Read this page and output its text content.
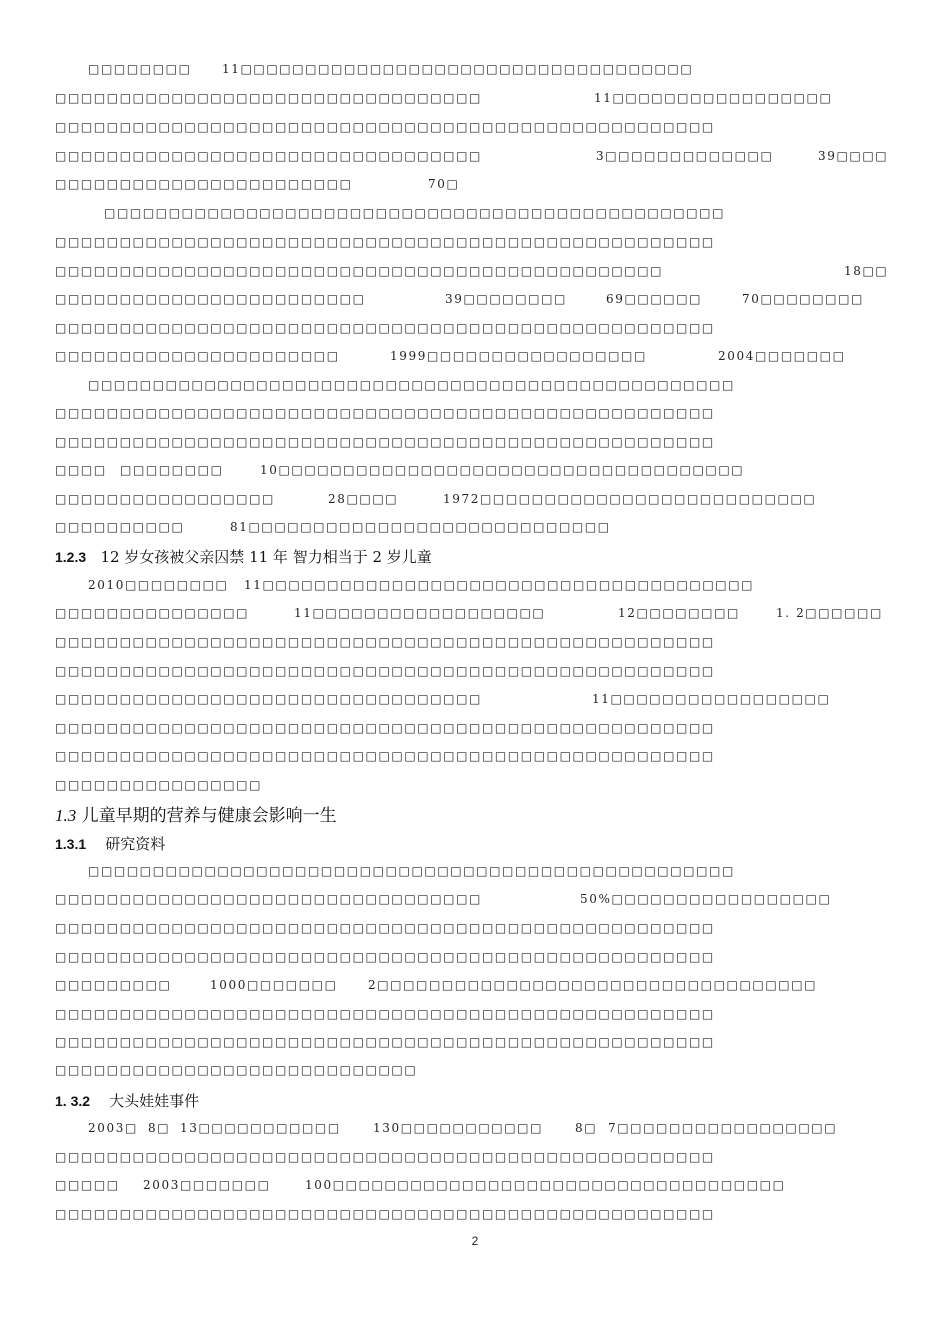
□□□□□□□□	11□□□□□□□□□□□□□□□□□□□□□□□□□□□□□□□□□□□
□□□□□□□□□□□□□□□□□□□□□□□□□□□□□□□□□	11□□□□□□□□□□□□□□□□□
□□□□□□□□□□□□□□□□□□□□□□□□□□□□□□□□□□□□□□□□□□□□□□□□□□□
□□□□□□□□□□□□□□□□□□□□□□□□□□□□□□□□□	3□□□□□□□□□□□□□	39□□□□
□□□□□□□□□□□□□□□□□□□□□□□	70□
□□□□□□□□□□□□□□□□□□□□□□□□□□□□□□□□□□□□□□□□□□□□□□□□
□□□□□□□□□□□□□□□□□□□□□□□□□□□□□□□□□□□□□□□□□□□□□□□□□□□
□□□□□□□□□□□□□□□□□□□□□□□□□□□□□□□□□□□□□□□□□□□□□□□	18□□
□□□□□□□□□□□□□□□□□□□□□□□□	39□□□□□□□□	69□□□□□□	70□□□□□□□□
□□□□□□□□□□□□□□□□□□□□□□□□□□□□□□□□□□□□□□□□□□□□□□□□□□□
□□□□□□□□□□□□□□□□□□□□□□	1999□□□□□□□□□□□□□□□□□	2004□□□□□□□
□□□□□□□□□□□□□□□□□□□□□□□□□□□□□□□□□□□□□□□□□□□□□□□□□□
□□□□□□□□□□□□□□□□□□□□□□□□□□□□□□□□□□□□□□□□□□□□□□□□□□□
□□□□□□□□□□□□□□□□□□□□□□□□□□□□□□□□□□□□□□□□□□□□□□□□□□□
□□□□ □□□□□□□□	10□□□□□□□□□□□□□□□□□□□□□□□□□□□□□□□□□□□□
□□□□□□□□□□□□□□□□□	28□□□□	1972□□□□□□□□□□□□□□□□□□□□□□□□□□
□□□□□□□□□□	81□□□□□□□□□□□□□□□□□□□□□□□□□□□□
2010□□□□□□□□ 11□□□□□□□□□□□□□□□□□□□□□□□□□□□□□□□□□□□□□□
□□□□□□□□□□□□□□□	11□□□□□□□□□□□□□□□□□□	12□□□□□□□□	1. 2□□□□□□
□□□□□□□□□□□□□□□□□□□□□□□□□□□□□□□□□□□□□□□□□□□□□□□□□□□
□□□□□□□□□□□□□□□□□□□□□□□□□□□□□□□□□□□□□□□□□□□□□□□□□□□
□□□□□□□□□□□□□□□□□□□□□□□□□□□□□□□□□	11□□□□□□□□□□□□□□□□□
□□□□□□□□□□□□□□□□□□□□□□□□□□□□□□□□□□□□□□□□□□□□□□□□□□□
□□□□□□□□□□□□□□□□□□□□□□□□□□□□□□□□□□□□□□□□□□□□□□□□□□□
□□□□□□□□□□□□□□□□
□□□□□□□□□□□□□□□□□□□□□□□□□□□□□□□□□□□□□□□□□□□□□□□□□□
□□□□□□□□□□□□□□□□□□□□□□□□□□□□□□□□□	50%□□□□□□□□□□□□□□□□□
□□□□□□□□□□□□□□□□□□□□□□□□□□□□□□□□□□□□□□□□□□□□□□□□□□□
□□□□□□□□□□□□□□□□□□□□□□□□□□□□□□□□□□□□□□□□□□□□□□□□□□□
□□□□□□□□□	1000□□□□□□□	2□□□□□□□□□□□□□□□□□□□□□□□□□□□□□□□□□□
□□□□□□□□□□□□□□□□□□□□□□□□□□□□□□□□□□□□□□□□□□□□□□□□□□□
□□□□□□□□□□□□□□□□□□□□□□□□□□□□□□□□□□□□□□□□□□□□□□□□□□□
□□□□□□□□□□□□□□□□□□□□□□□□□□□□
2003□ 8□ 13□□□□□□□□□□□	130□□□□□□□□□□□	8□ 7□□□□□□□□□□□□□□□□□
□□□□□□□□□□□□□□□□□□□□□□□□□□□□□□□□□□□□□□□□□□□□□□□□□□□
□□□□□ 2003□□□□□□□	100□□□□□□□□□□□□□□□□□□□□□□□□□□□□□□□□□□□
□□□□□□□□□□□□□□□□□□□□□□□□□□□□□□□□□□□□□□□□□□□□□□□□□□□
1.2.3 12 岁女孩被父亲囚禁 11 年 智力相当于 2 岁儿童
1.3 儿童早期的营养与健康会影响一生
1.3.1 研究资料
1. 3.2 大头娃娃事件
2
